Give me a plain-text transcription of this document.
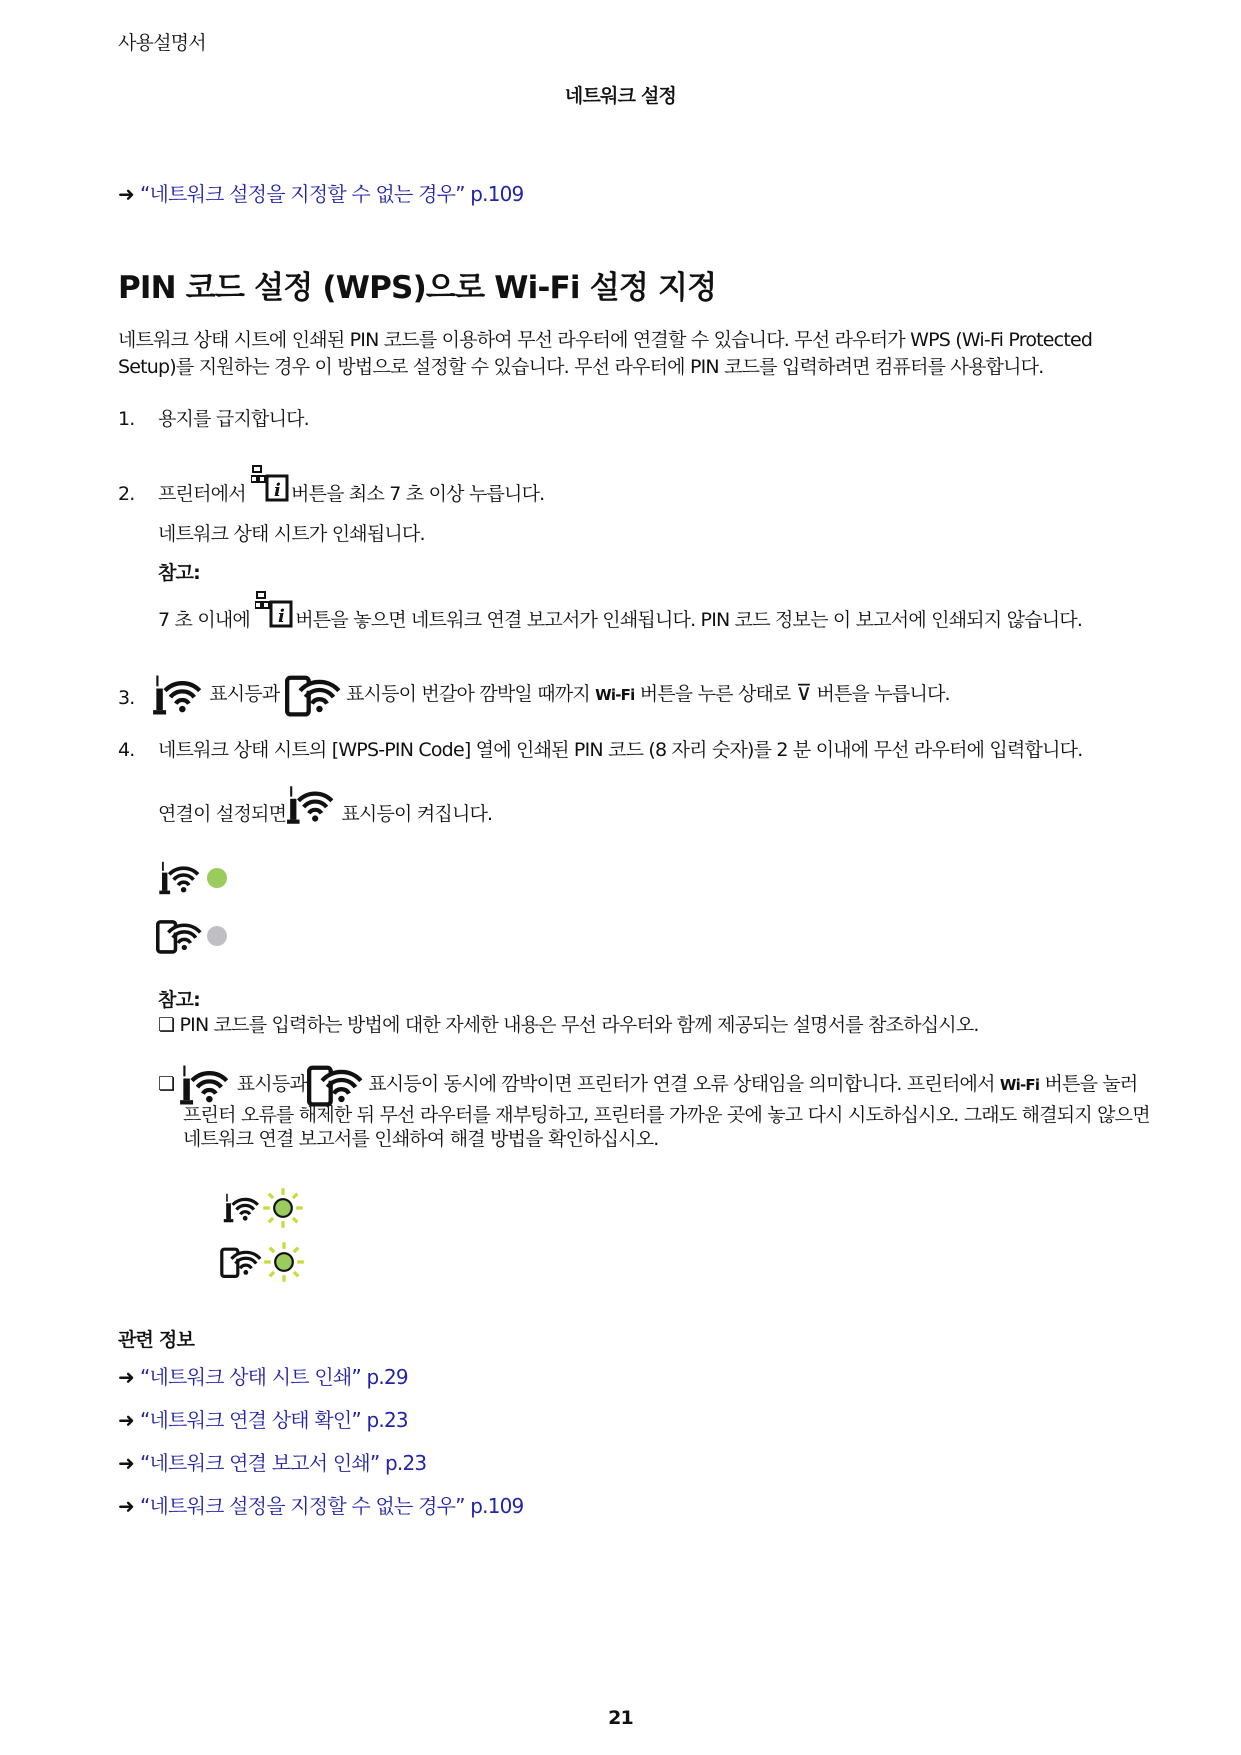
사용설명서
네트워크 설정
➜ “네트워크 설정을 지정할 수 없는 경우” p.109
PIN 코드 설정 (WPS)으로 Wi-Fi 설정 지정
네트워크 상태 시트에 인쇄된 PIN 코드를 이용하여 무선 라우터에 연결할 수 있습니다. 무선 라우터가 WPS (Wi-Fi Protected
Setup)를 지원하는 경우 이 방법으로 설정할 수 있습니다. 무선 라우터에 PIN 코드를 입력하려면 컴퓨터를 사용합니다.
1. 용지를 급지합니다.
2. 프린터에서 버튼을 최소 7 초 이상 누릅니다.
네트워크 상태 시트가 인쇄됩니다.
참고:
7 초 이내에 버튼을 놓으면 네트워크 연결 보고서가 인쇄됩니다. PIN 코드 정보는 이 보고서에 인쇄되지 않습니다.
3.	표시등과	표시등이 번갈아 깜박일 때까지 Wi-Fi 버튼을 누른 상태로 ⊽ 버튼을 누릅니다.
4. 네트워크 상태 시트의 [WPS-PIN Code] 열에 인쇄된 PIN 코드 (8 자리 숫자)를 2 분 이내에 무선 라우터에 입력합니다.
연결이 설정되면	표시등이 켜집니다.

참고:
❏ PIN 코드를 입력하는 방법에 대한 자세한 내용은 무선 라우터와 함께 제공되는 설명서를 참조하십시오.
❏	표시등과	표시등이 동시에 깜박이면 프린터가 연결 오류 상태임을 의미합니다. 프린터에서 Wi-Fi 버튼을 눌러
프린터 오류를 해제한 뒤 무선 라우터를 재부팅하고, 프린터를 가까운 곳에 놓고 다시 시도하십시오. 그래도 해결되지 않으면
네트워크 연결 보고서를 인쇄하여 해결 방법을 확인하십시오.
관련 정보
➜ “네트워크 상태 시트 인쇄” p.29
➜ “네트워크 연결 상태 확인” p.23
➜ “네트워크 연결 보고서 인쇄” p.23
➜ “네트워크 설정을 지정할 수 없는 경우” p.109
21
